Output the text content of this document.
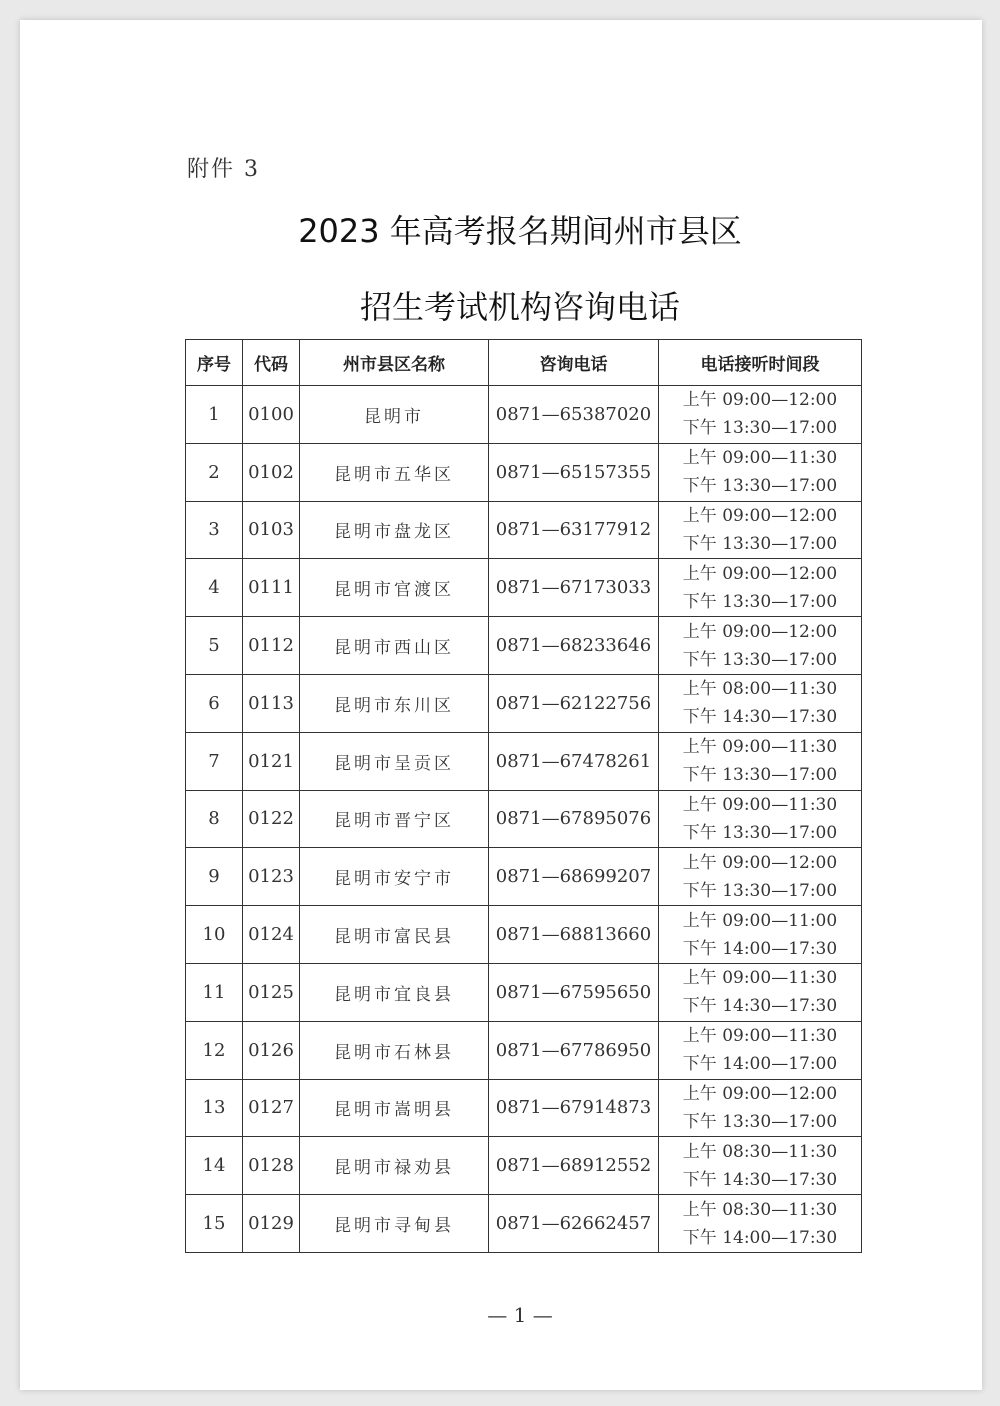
附件 3
2023 年高考报名期间州市县区
招生考试机构咨询电话
序号	代码	州市县区名称	咨询电话	电话接听时间段
1	0100	昆明市	0871—65387020	上午 09:00—12:00
下午 13:30—17:00

2	0102	昆明市五华区	0871—65157355	上午 09:00—11:30
下午 13:30—17:00

3	0103	昆明市盘龙区	0871—63177912	上午 09:00—12:00
下午 13:30—17:00

4	0111	昆明市官渡区	0871—67173033	上午 09:00—12:00
下午 13:30—17:00

5	0112	昆明市西山区	0871—68233646	上午 09:00—12:00
下午 13:30—17:00

6	0113	昆明市东川区	0871—62122756	上午 08:00—11:30
下午 14:30—17:30

7	0121	昆明市呈贡区	0871—67478261	上午 09:00—11:30
下午 13:30—17:00

8	0122	昆明市晋宁区	0871—67895076	上午 09:00—11:30
下午 13:30—17:00

9	0123	昆明市安宁市	0871—68699207	上午 09:00—12:00
下午 13:30—17:00

10	0124	昆明市富民县	0871—68813660	上午 09:00—11:00
下午 14:00—17:30

11	0125	昆明市宜良县	0871—67595650	上午 09:00—11:30
下午 14:30—17:30

12	0126	昆明市石林县	0871—67786950	上午 09:00—11:30
下午 14:00—17:00

13	0127	昆明市嵩明县	0871—67914873	上午 09:00—12:00
下午 13:30—17:00

14	0128	昆明市禄劝县	0871—68912552	上午 08:30—11:30
下午 14:30—17:30

15	0129	昆明市寻甸县	0871—62662457	上午 08:30—11:30
下午 14:00—17:30
— 1 —
